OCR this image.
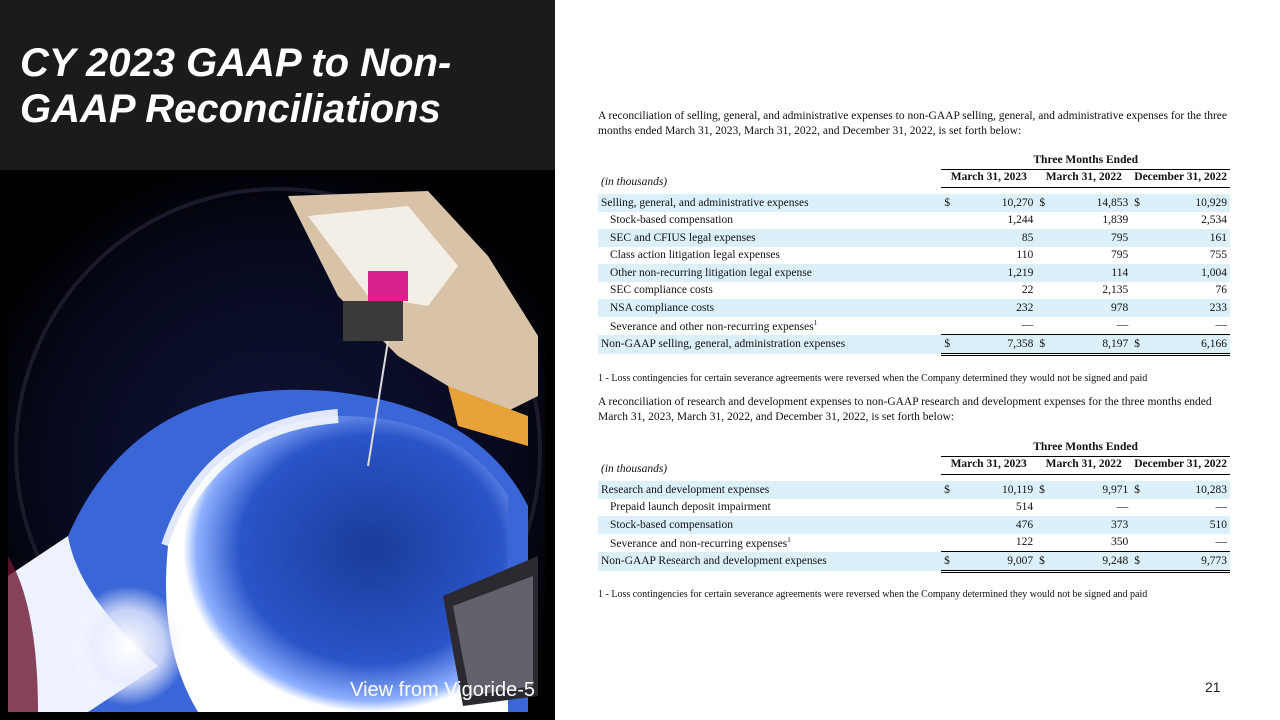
CY 2023 GAAP to Non-GAAP Reconciliations
View from Vigoride-5

A reconciliation of selling, general, and administrative expenses to non-GAAP selling, general, and administrative expenses for the three months ended March 31, 2023, March 31, 2022, and December 31, 2022, is set forth below:

	Three Months Ended					
(in thousands)	March 31, 2023		March 31, 2022		December 31, 2022	

Selling, general, and administrative expenses	$	10,270	$	14,853	$	10,929
Stock-based compensation		1,244		1,839		2,534
SEC and CFIUS legal expenses		85		795		161
Class action litigation legal expenses		110		795		755
Other non-recurring litigation legal expense		1,219		114		1,004
SEC compliance costs		22		2,135		76
NSA compliance costs		232		978		233
Severance and other non-recurring expenses$^1$		—		—		—
Non-GAAP selling, general, administration expenses	$	7,358	$	8,197	$	6,166

1 - Loss contingencies for certain severance agreements were reversed when the Company determined they would not be signed and paid

A reconciliation of research and development expenses to non-GAAP research and development expenses for the three months ended March 31, 2023, March 31, 2022, and December 31, 2022, is set forth below:

	Three Months Ended					
(in thousands)	March 31, 2023		March 31, 2022		December 31, 2022	

Research and development expenses	$	10,119	$	9,971	$	10,283
Prepaid launch deposit impairment		514		—		—
Stock-based compensation		476		373		510
Severance and non-recurring expenses$^1$		122		350		—
Non-GAAP Research and development expenses	$	9,007	$	9,248	$	9,773

1 - Loss contingencies for certain severance agreements were reversed when the Company determined they would not be signed and paid

21
